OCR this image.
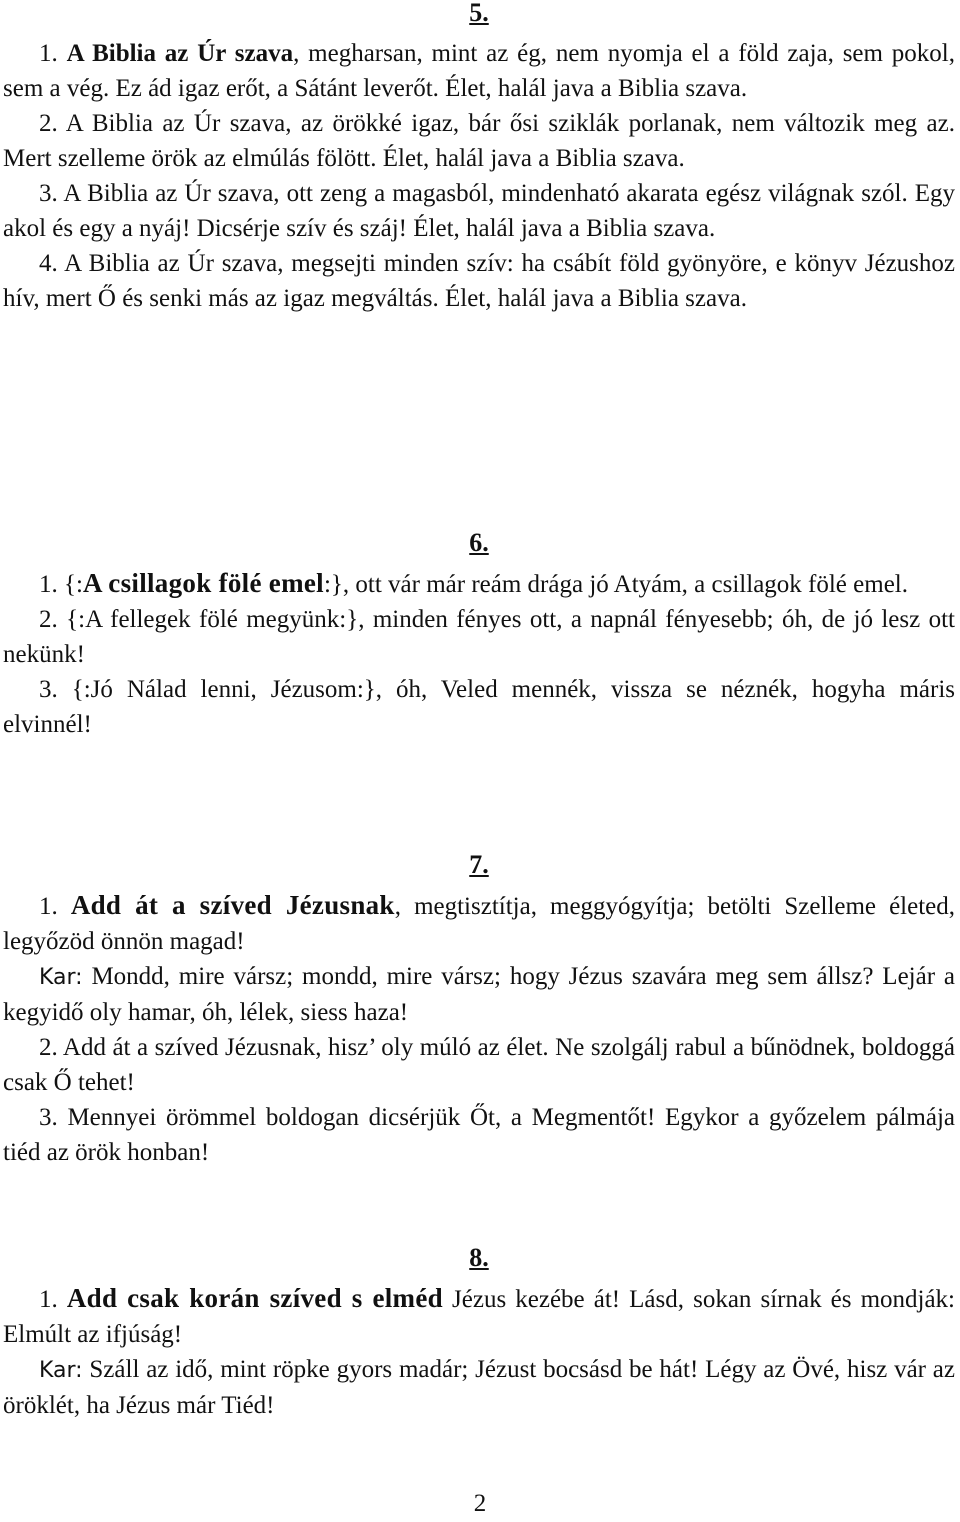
5.

1. A Biblia az Úr szava, megharsan, mint az ég, nem nyomja el a föld zaja, sem pokol, sem a vég. Ez ád igaz erőt, a Sátánt leverőt. Élet, halál java a Biblia szava.

2. A Biblia az Úr szava, az örökké igaz, bár ősi sziklák porlanak, nem változik meg az. Mert szelleme örök az elmúlás fölött. Élet, halál java a Biblia szava.

3. A Biblia az Úr szava, ott zeng a magasból, mindenható akarata egész világnak szól. Egy akol és egy a nyáj! Dicsérje szív és száj! Élet, halál java a Biblia szava.

4. A Biblia az Úr szava, megsejti minden szív: ha csábít föld gyönyöre, e könyv Jézushoz hív, mert Ő és senki más az igaz megváltás. Élet, halál java a Biblia szava.

6.

1. {:A csillagok fölé emel:}, ott vár már reám drága jó Atyám, a csillagok fölé emel.

2. {:A fellegek fölé megyünk:}, minden fényes ott, a napnál fényesebb; óh, de jó lesz ott nekünk!

3. {:Jó Nálad lenni, Jézusom:}, óh, Veled mennék, vissza se néznék, hogyha máris elvinnél!

7.

1. Add át a szíved Jézusnak, megtisztítja, meggyógyítja; betölti Szelleme életed, legyőzöd önnön magad!

Kar: Mondd, mire vársz; mondd, mire vársz; hogy Jézus szavára meg sem állsz? Lejár a kegyidő oly hamar, óh, lélek, siess haza!

2. Add át a szíved Jézusnak, hisz’ oly múló az élet. Ne szolgálj rabul a bűnödnek, boldoggá csak Ő tehet!

3. Mennyei örömmel boldogan dicsérjük Őt, a Megmentőt! Egykor a győzelem pálmája tiéd az örök honban!

8.

1. Add csak korán szíved s elméd Jézus kezébe át! Lásd, sokan sírnak és mondják: Elmúlt az ifjúság!

Kar: Száll az idő, mint röpke gyors madár; Jézust bocsásd be hát! Légy az Övé, hisz vár az öröklét, ha Jézus már Tiéd!

2
